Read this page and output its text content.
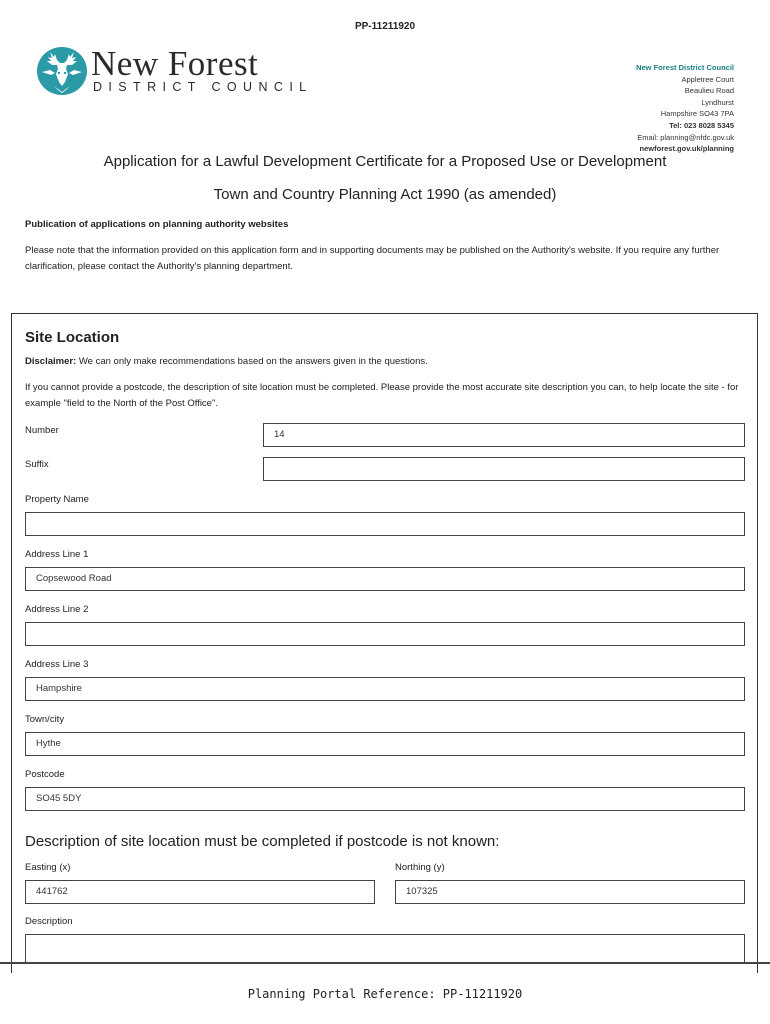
PP-11211920
New Forest
DISTRICT COUNCIL
New Forest District Council
Appletree Court
Beaulieu Road
Lyndhurst
Hampshire SO43 7PA
Tel: 023 8028 5345
Email: planning@nfdc.gov.uk
newforest.gov.uk/planning
Application for a Lawful Development Certificate for a Proposed Use or Development
Town and Country Planning Act 1990 (as amended)
Publication of applications on planning authority websites
Please note that the information provided on this application form and in supporting documents may be published on the Authority's website. If you require any further clarification, please contact the Authority's planning department.
Site Location
Disclaimer: We can only make recommendations based on the answers given in the questions.
If you cannot provide a postcode, the description of site location must be completed. Please provide the most accurate site description you can, to help locate the site - for example "field to the North of the Post Office".
Number	14
Suffix
Property Name
Address Line 1
Copsewood Road
Address Line 2
Address Line 3
Hampshire
Town/city
Hythe
Postcode
SO45 5DY
Description of site location must be completed if postcode is not known:
Easting (x)
441762
Northing (y)
107325
Description
Planning Portal Reference: PP-11211920
